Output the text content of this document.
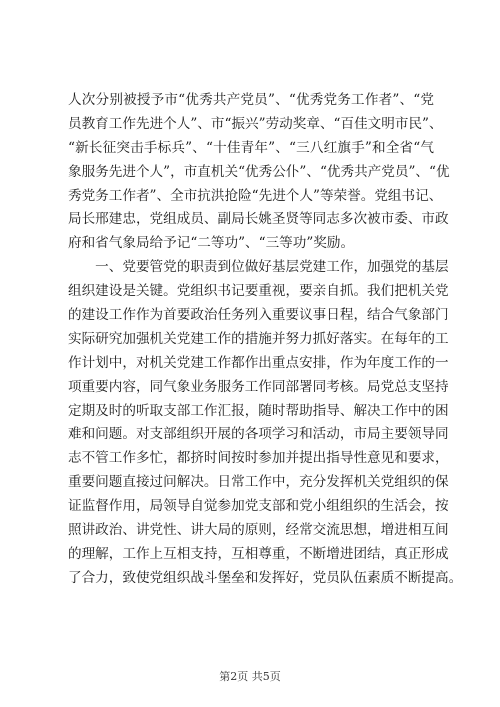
人次分别被授予市“优秀共产党员”、“优秀党务工作者”、“党
员教育工作先进个人”、市“振兴”劳动奖章、“百佳文明市民”、
“新长征突击手标兵”、“十佳青年”、“三八红旗手”和全省“气
象服务先进个人”，市直机关“优秀公仆”、“优秀共产党员”、“优
秀党务工作者”、全市抗洪抢险“先进个人”等荣誉。党组书记、
局长邢建忠，党组成员、副局长姚圣贤等同志多次被市委、市政
府和省气象局给予记“二等功”、“三等功”奖励。
　　一、党要管党的职责到位做好基层党建工作，加强党的基层
组织建设是关键。党组织书记要重视，要亲自抓。我们把机关党
的建设工作作为首要政治任务列入重要议事日程，结合气象部门
实际研究加强机关党建工作的措施并努力抓好落实。在每年的工
作计划中，对机关党建工作都作出重点安排，作为年度工作的一
项重要内容，同气象业务服务工作同部署同考核。局党总支坚持
定期及时的听取支部工作汇报，随时帮助指导、解决工作中的困
难和问题。对支部组织开展的各项学习和活动，市局主要领导同
志不管工作多忙，都挤时间按时参加并提出指导性意见和要求，
重要问题直接过问解决。日常工作中，充分发挥机关党组织的保
证监督作用，局领导自觉参加党支部和党小组组织的生活会，按
照讲政治、讲党性、讲大局的原则，经常交流思想，增进相互间
的理解，工作上互相支持，互相尊重，不断增进团结，真正形成
了合力，致使党组织战斗堡垒和发挥好，党员队伍素质不断提高。
第2页 共5页
